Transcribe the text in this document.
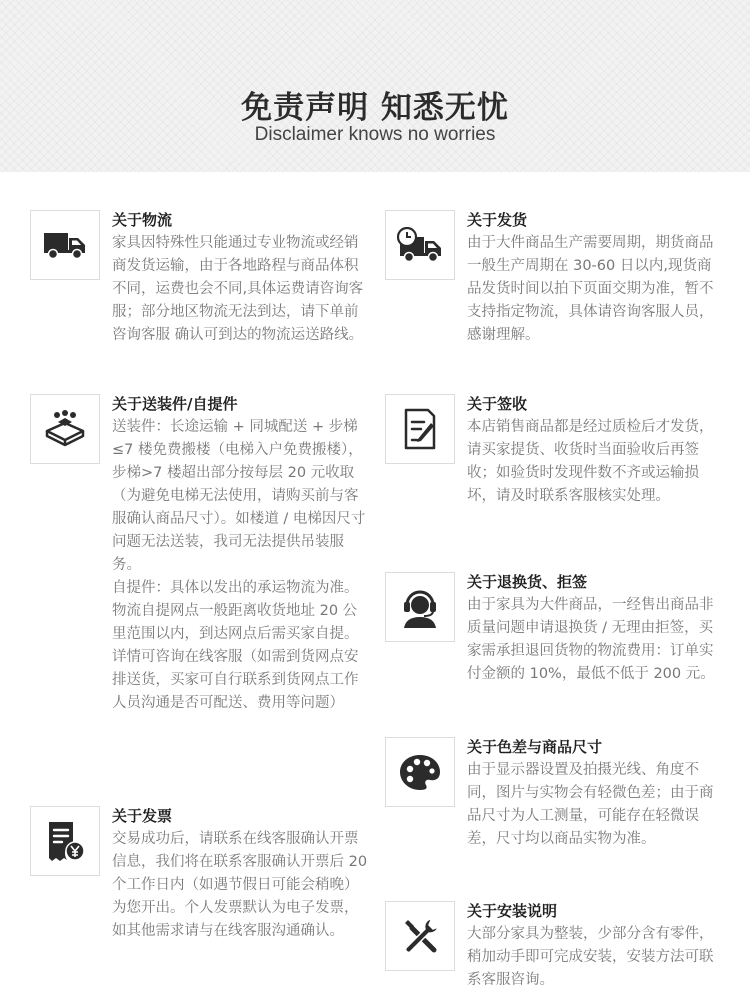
免责声明 知悉无忧
Disclaimer knows no worries
关于物流
家具因特殊性只能通过专业物流或经销商发货运输，由于各地路程与商品体积不同，运费也会不同,具体运费请咨询客服；部分地区物流无法到达，请下单前咨询客服 确认可到达的物流运送路线。
关于发货
由于大件商品生产需要周期，期货商品一般生产周期在 30-60 日以内,现货商品发货时间以拍下页面交期为准，暂不支持指定物流，具体请咨询客服人员，感谢理解。
关于送装件/自提件
送装件：长途运输 + 同城配送 + 步梯≤7 楼免费搬楼（电梯入户免费搬楼），步梯>7 楼超出部分按每层 20 元收取（为避免电梯无法使用，请购买前与客服确认商品尺寸）。如楼道 / 电梯因尺寸问题无法送装，我司无法提供吊装服务。
自提件：具体以发出的承运物流为准。物流自提网点一般距离收货地址 20 公里范围以内，到达网点后需买家自提。详情可咨询在线客服（如需到货网点安排送货，买家可自行联系到货网点工作人员沟通是否可配送、费用等问题）
关于签收
本店销售商品都是经过质检后才发货，请买家提货、收货时当面验收后再签收；如验货时发现件数不齐或运输损坏，请及时联系客服核实处理。
关于退换货、拒签
由于家具为大件商品，一经售出商品非质量问题申请退换货 / 无理由拒签，买家需承担退回货物的物流费用：订单实付金额的 10%，最低不低于 200 元。
关于色差与商品尺寸
由于显示器设置及拍摄光线、角度不同，图片与实物会有轻微色差；由于商品尺寸为人工测量，可能存在轻微误差，尺寸均以商品实物为准。
关于发票
交易成功后，请联系在线客服确认开票信息，我们将在联系客服确认开票后 20 个工作日内（如遇节假日可能会稍晚）为您开出。个人发票默认为电子发票，如其他需求请与在线客服沟通确认。
关于安装说明
大部分家具为整装，少部分含有零件，稍加动手即可完成安装，安装方法可联系客服咨询。
